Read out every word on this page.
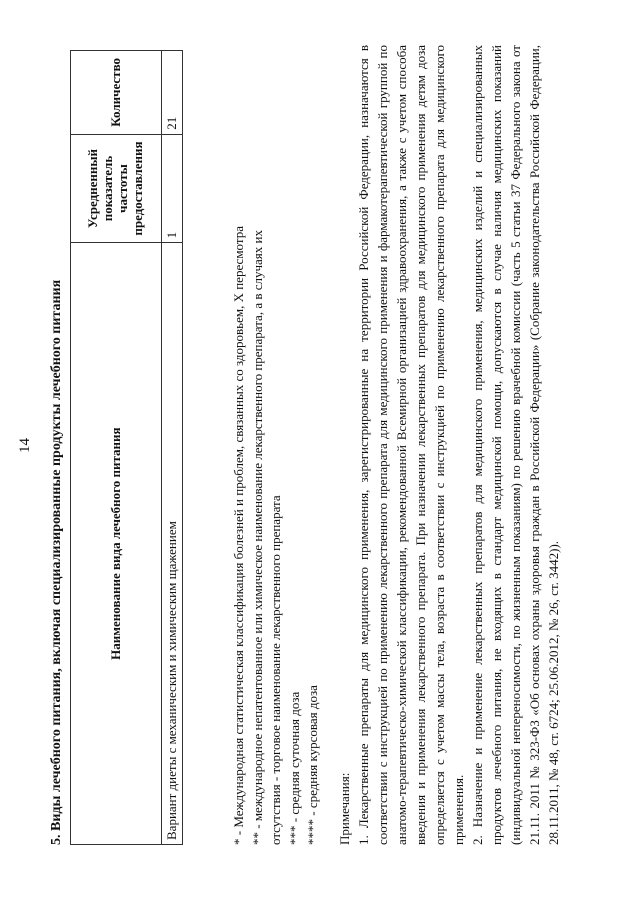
14 5. Виды лечебного питания, включая специализированные продукты лечебного питания	Наименование вида лечебного питания	Усредненный показатель частоты предоставления	Количество
Вариант диеты с механическим и химическим щажением	1	21

* - Международная статистическая классификация болезней и проблем, связанных со здоровьем, X пересмотра ** - международное непатентованное или химическое наименование лекарственного препарата, а в случаях их отсутствия - торговое наименование лекарственного препарата *** - средняя суточная доза **** - средняя курсовая доза Примечания: 1. Лекарственные препараты для медицинского применения, зарегистрированные на территории Российской Федерации, назначаются в соответствии с инструкцией по применению лекарственного препарата для медицинского применения и фармакотерапевтической группой по анатомо-терапевтическо-химической классификации, рекомендованной Всемирной организацией здравоохранения, а также с учетом способа введения и применения лекарственного препарата. При назначении лекарственных препаратов для медицинского применения детям доза определяется с учетом массы тела, возраста в соответствии с инструкцией по применению лекарственного препарата для медицинского применения. 2. Назначение и применение лекарственных препаратов для медицинского применения, медицинских изделий и специализированных продуктов лечебного питания, не входящих в стандарт медицинской помощи, допускаются в случае наличия медицинских показаний (индивидуальной непереносимости, по жизненным показаниям) по решению врачебной комиссии (часть 5 статьи 37 Федерального закона от 21.11. 2011 № 323-ФЗ «Об основах охраны здоровья граждан в Российской Федерации» (Собрание законодательства Российской Федерации, 28.11.2011, № 48, ст. 6724; 25.06.2012, № 26, ст. 3442)).
